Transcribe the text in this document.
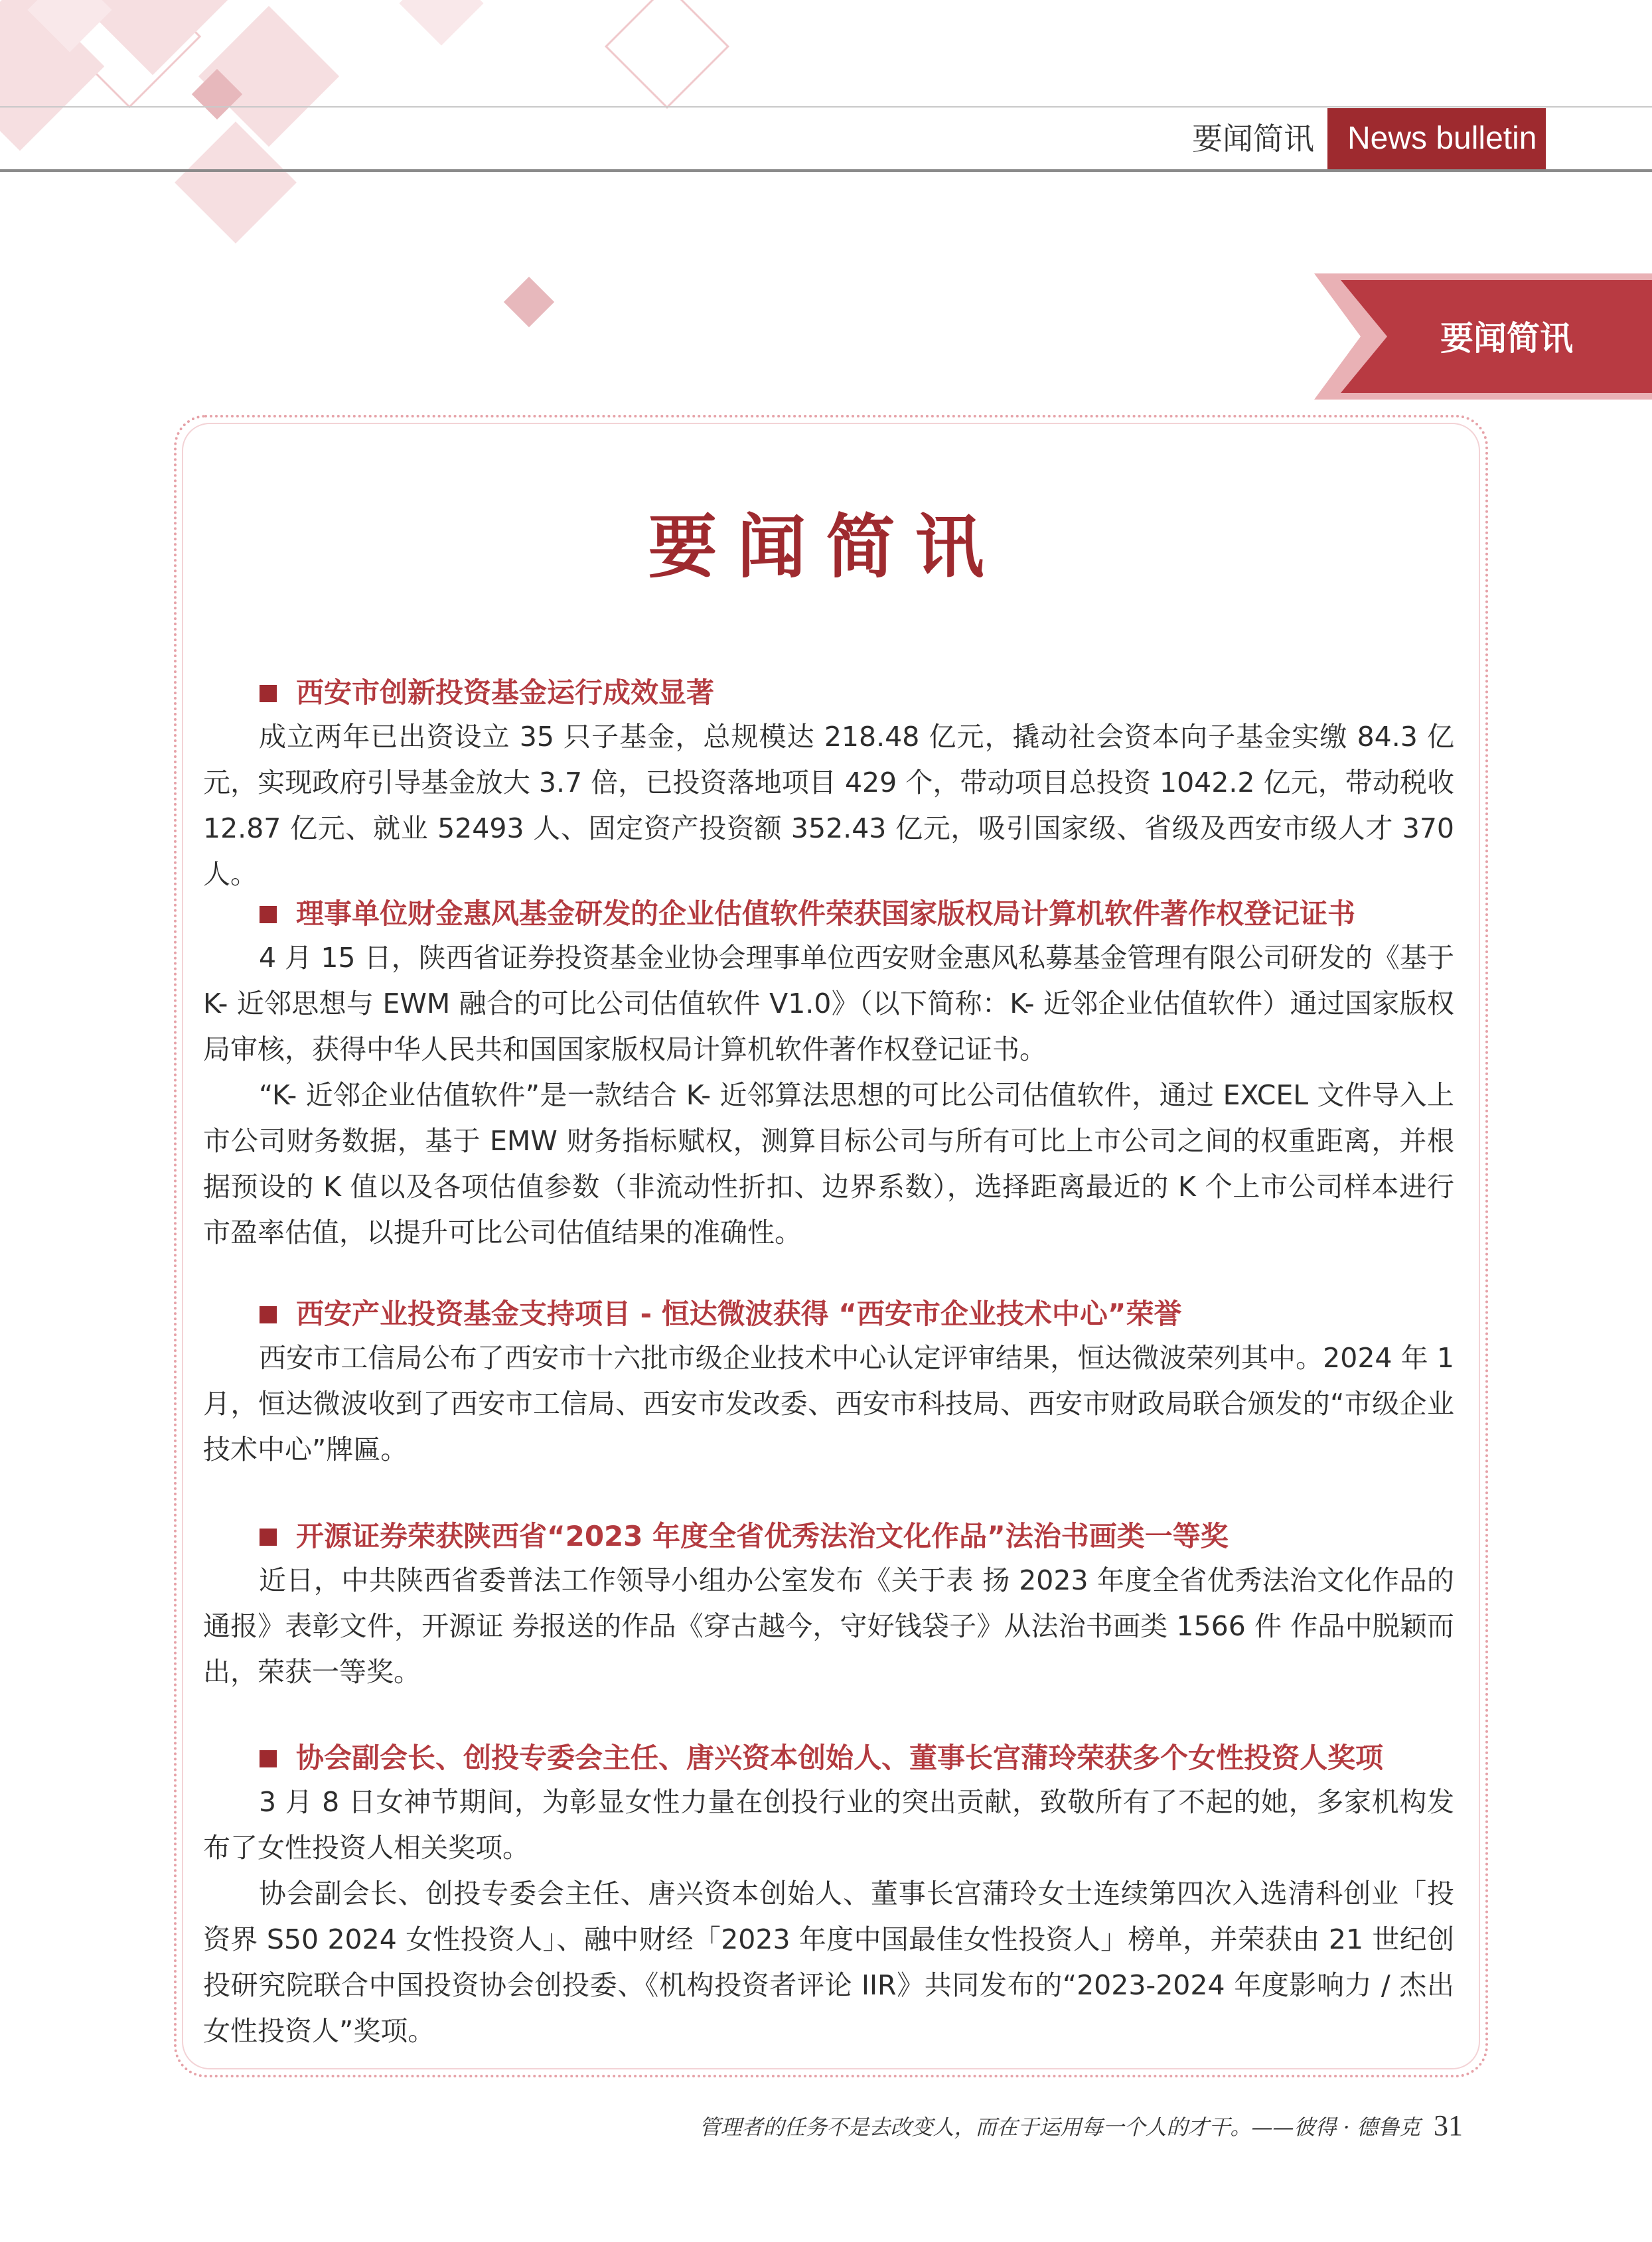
要闻简讯	News bulletin
要闻简讯
要闻简讯
西安市创新投资基金运行成效显著

成立两年已出资设立 35 只子基金，总规模达 218.48 亿元，撬动社会资本向子基金实缴 84.3 亿元，实现政府引导基金放大 3.7 倍，已投资落地项目 429 个，带动项目总投资 1042.2 亿元，带动税收 12.87 亿元、就业 52493 人、固定资产投资额 352.43 亿元，吸引国家级、省级及西安市级人才 370 人。

理事单位财金惠风基金研发的企业估值软件荣获国家版权局计算机软件著作权登记证书

4 月 15 日，陕西省证券投资基金业协会理事单位西安财金惠风私募基金管理有限公司研发的《基于 K- 近邻思想与 EWM 融合的可比公司估值软件 V1.0》（以下简称：K- 近邻企业估值软件）通过国家版权局审核，获得中华人民共和国国家版权局计算机软件著作权登记证书。

“K- 近邻企业估值软件”是一款结合 K- 近邻算法思想的可比公司估值软件，通过 EXCEL 文件导入上市公司财务数据，基于 EMW 财务指标赋权，测算目标公司与所有可比上市公司之间的权重距离，并根据预设的 K 值以及各项估值参数（非流动性折扣、边界系数），选择距离最近的 K 个上市公司样本进行市盈率估值，以提升可比公司估值结果的准确性。

西安产业投资基金支持项目 - 恒达微波获得 “西安市企业技术中心”荣誉

西安市工信局公布了西安市十六批市级企业技术中心认定评审结果，恒达微波荣列其中。2024 年 1 月，恒达微波收到了西安市工信局、西安市发改委、西安市科技局、西安市财政局联合颁发的“市级企业技术中心”牌匾。

开源证券荣获陕西省“2023 年度全省优秀法治文化作品”法治书画类一等奖

近日，中共陕西省委普法工作领导小组办公室发布《关于表 扬 2023 年度全省优秀法治文化作品的通报》表彰文件，开源证 券报送的作品《穿古越今，守好钱袋子》从法治书画类 1566 件 作品中脱颖而出，荣获一等奖。

协会副会长、创投专委会主任、唐兴资本创始人、董事长宫蒲玲荣获多个女性投资人奖项

3 月 8 日女神节期间，为彰显女性力量在创投行业的突出贡献，致敬所有了不起的她，多家机构发布了女性投资人相关奖项。

协会副会长、创投专委会主任、唐兴资本创始人、董事长宫蒲玲女士连续第四次入选清科创业「投资界 S50 2024 女性投资人」、融中财经「2023 年度中国最佳女性投资人」榜单，并荣获由 21 世纪创投研究院联合中国投资协会创投委、《机构投资者评论 IIR》共同发布的“2023-2024 年度影响力 / 杰出女性投资人”奖项。

管理者的任务不是去改变人，而在于运用每一个人的才干。——彼得 · 德鲁克 31
